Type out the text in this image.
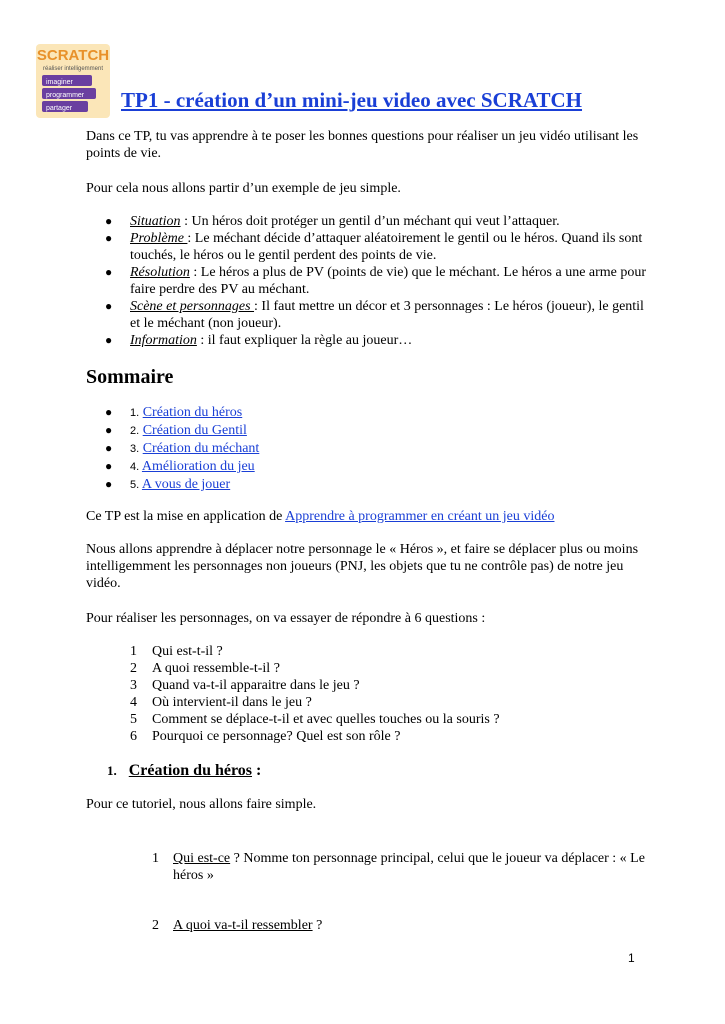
SCRATCH
réaliser intelligemment
imaginer
programmer
partager TP1 - création d’un mini-jeu video avec SCRATCH
Dans ce TP, tu vas apprendre à te poser les bonnes questions pour réaliser un jeu vidéo utilisant les points de vie.
Pour cela nous allons partir d’un exemple de jeu simple.
● Situation : Un héros doit protéger un gentil d’un méchant qui veut l’attaquer.
● Problème : Le méchant décide d’attaquer aléatoirement le gentil ou le héros. Quand ils sont touchés, le héros ou le gentil perdent des points de vie.
● Résolution : Le héros a plus de PV (points de vie) que le méchant. Le héros a une arme pour faire perdre des PV au méchant.
● Scène et personnages : Il faut mettre un décor et 3 personnages : Le héros (joueur), le gentil et le méchant (non joueur).
● Information : il faut expliquer la règle au joueur…
Sommaire
● 1. Création du héros
● 2. Création du Gentil
● 3. Création du méchant
● 4. Amélioration du jeu
● 5. A vous de jouer
Ce TP est la mise en application de Apprendre à programmer en créant un jeu vidéo
Nous allons apprendre à déplacer notre personnage le « Héros », et faire se déplacer plus ou moins intelligemment les personnages non joueurs (PNJ, les objets que tu ne contrôle pas) de notre jeu vidéo.
Pour réaliser les personnages, on va essayer de répondre à 6 questions :
1 Qui est-t-il ?
2 A quoi ressemble-t-il ?
3 Quand va-t-il apparaitre dans le jeu ?
4 Où intervient-il dans le jeu ?
5 Comment se déplace-t-il et avec quelles touches ou la souris ?
6 Pourquoi ce personnage? Quel est son rôle ?
1. Création du héros :
Pour ce tutoriel, nous allons faire simple.
1	Qui est-ce ? Nomme ton personnage principal, celui que le joueur va déplacer : « Le héros »
2	A quoi va-t-il ressembler ?
1
